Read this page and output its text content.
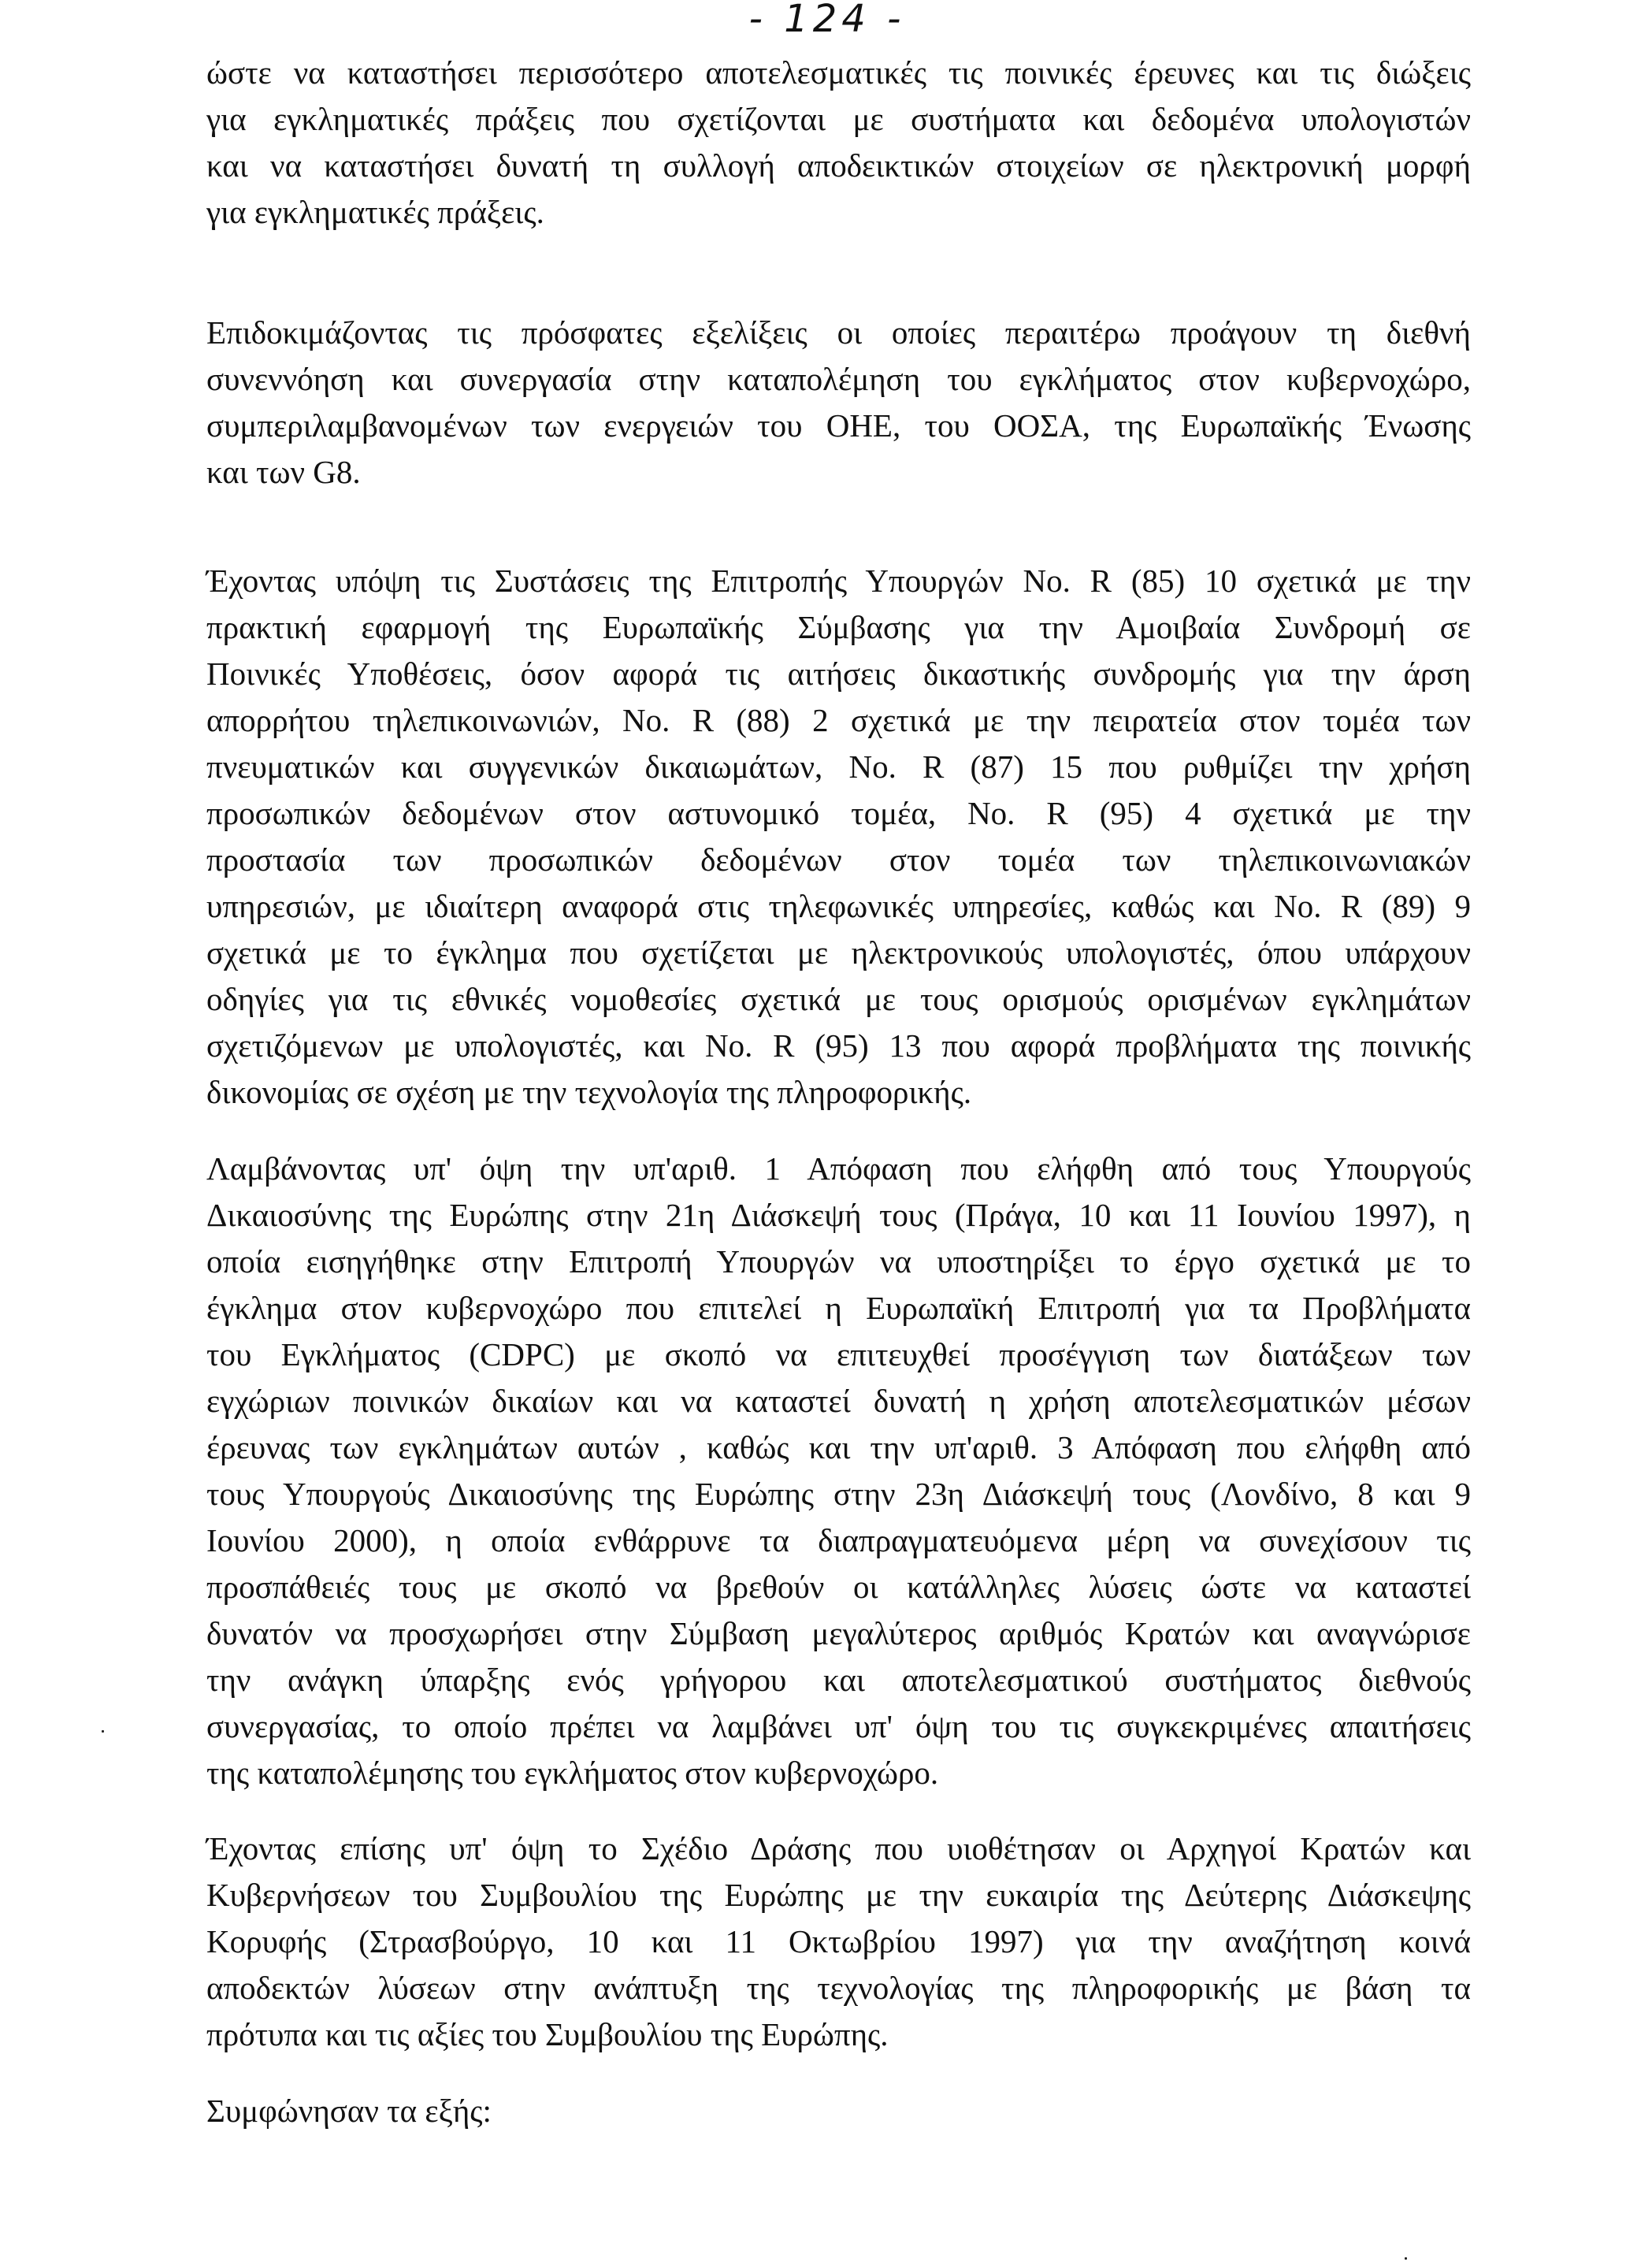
- 124 -
ώστε να καταστήσει περισσότερο αποτελεσματικές τις ποινικές έρευνες και τις διώξεις
για εγκληματικές πράξεις που σχετίζονται με συστήματα και δεδομένα υπολογιστών
και να καταστήσει δυνατή τη συλλογή αποδεικτικών στοιχείων σε ηλεκτρονική μορφή
για εγκληματικές πράξεις.
Επιδοκιμάζοντας τις πρόσφατες εξελίξεις οι οποίες περαιτέρω προάγουν τη διεθνή
συνεννόηση και συνεργασία στην καταπολέμηση του εγκλήματος στον κυβερνοχώρο,
συμπεριλαμβανομένων των ενεργειών του ΟΗΕ, του ΟΟΣΑ, της Ευρωπαϊκής Ένωσης
και των G8.
Έχοντας υπόψη τις Συστάσεις της Επιτροπής Υπουργών No. R (85) 10 σχετικά με την
πρακτική εφαρμογή της Ευρωπαϊκής Σύμβασης για την Αμοιβαία Συνδρομή σε
Ποινικές Υποθέσεις, όσον αφορά τις αιτήσεις δικαστικής συνδρομής για την άρση
απορρήτου τηλεπικοινωνιών, No. R (88) 2 σχετικά με την πειρατεία στον τομέα των
πνευματικών και συγγενικών δικαιωμάτων, No. R (87) 15 που ρυθμίζει την χρήση
προσωπικών δεδομένων στον αστυνομικό τομέα, No. R (95) 4 σχετικά με την
προστασία των προσωπικών δεδομένων στον τομέα των τηλεπικοινωνιακών
υπηρεσιών, με ιδιαίτερη αναφορά στις τηλεφωνικές υπηρεσίες, καθώς και No. R (89) 9
σχετικά με το έγκλημα που σχετίζεται με ηλεκτρονικούς υπολογιστές, όπου υπάρχουν
οδηγίες για τις εθνικές νομοθεσίες σχετικά με τους ορισμούς ορισμένων εγκλημάτων
σχετιζόμενων με υπολογιστές, και No. R (95) 13 που αφορά προβλήματα της ποινικής
δικονομίας σε σχέση με την τεχνολογία της πληροφορικής.
Λαμβάνοντας υπ' όψη την υπ'αριθ. 1 Απόφαση που ελήφθη από τους Υπουργούς
Δικαιοσύνης της Ευρώπης στην 21η Διάσκεψή τους (Πράγα, 10 και 11 Ιουνίου 1997), η
οποία εισηγήθηκε στην Επιτροπή Υπουργών να υποστηρίξει το έργο σχετικά με το
έγκλημα στον κυβερνοχώρο που επιτελεί η Ευρωπαϊκή Επιτροπή για τα Προβλήματα
του Εγκλήματος (CDPC) με σκοπό να επιτευχθεί προσέγγιση των διατάξεων των
εγχώριων ποινικών δικαίων και να καταστεί δυνατή η χρήση αποτελεσματικών μέσων
έρευνας των εγκλημάτων αυτών , καθώς και την υπ'αριθ. 3 Απόφαση που ελήφθη από
τους Υπουργούς Δικαιοσύνης της Ευρώπης στην 23η Διάσκεψή τους (Λονδίνο, 8 και 9
Ιουνίου 2000), η οποία ενθάρρυνε τα διαπραγματευόμενα μέρη να συνεχίσουν τις
προσπάθειές τους με σκοπό να βρεθούν οι κατάλληλες λύσεις ώστε να καταστεί
δυνατόν να προσχωρήσει στην Σύμβαση μεγαλύτερος αριθμός Κρατών και αναγνώρισε
την ανάγκη ύπαρξης ενός γρήγορου και αποτελεσματικού συστήματος διεθνούς
συνεργασίας, το οποίο πρέπει να λαμβάνει υπ' όψη του τις συγκεκριμένες απαιτήσεις
της καταπολέμησης του εγκλήματος στον κυβερνοχώρο.
Έχοντας επίσης υπ' όψη το Σχέδιο Δράσης που υιοθέτησαν οι Αρχηγοί Κρατών και
Κυβερνήσεων του Συμβουλίου της Ευρώπης με την ευκαιρία της Δεύτερης Διάσκεψης
Κορυφής (Στρασβούργο, 10 και 11 Οκτωβρίου 1997) για την αναζήτηση κοινά
αποδεκτών λύσεων στην ανάπτυξη της τεχνολογίας της πληροφορικής με βάση τα
πρότυπα και τις αξίες του Συμβουλίου της Ευρώπης.
Συμφώνησαν τα εξής:
